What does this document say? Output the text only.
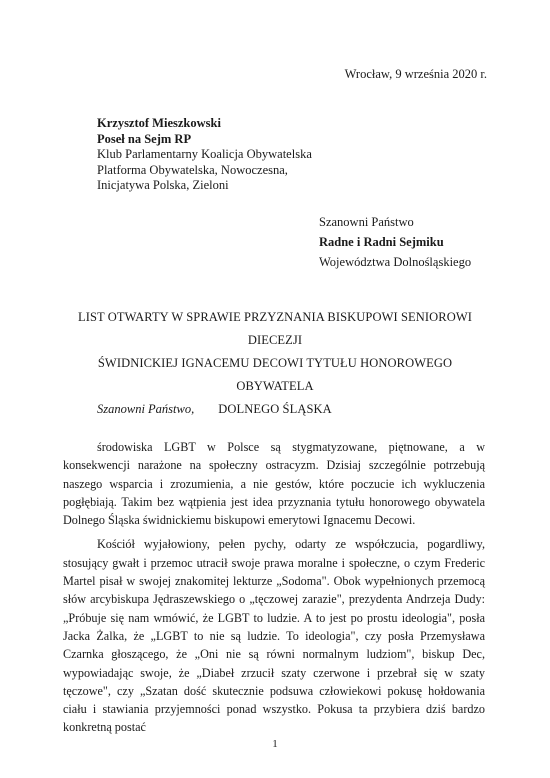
Wrocław, 9 września 2020 r.
Krzysztof Mieszkowski
Poseł na Sejm RP
Klub Parlamentarny Koalicja Obywatelska
Platforma Obywatelska, Nowoczesna,
Inicjatywa Polska, Zieloni
Szanowni Państwo
Radne i Radni Sejmiku
Województwa Dolnośląskiego
LIST OTWARTY W SPRAWIE PRZYZNANIA BISKUPOWI SENIOROWI DIECEZJI
ŚWIDNICKIEJ IGNACEMU DECOWI TYTUŁU HONOROWEGO OBYWATELA
DOLNEGO ŚLĄSKA
Szanowni Państwo,

środowiska LGBT w Polsce są stygmatyzowane, piętnowane, a w konsekwencji narażone na społeczny ostracyzm. Dzisiaj szczególnie potrzebują naszego wsparcia i zrozumienia, a nie gestów, które poczucie ich wykluczenia pogłębiają. Takim bez wątpienia jest idea przyznania tytułu honorowego obywatela Dolnego Śląska świdnickiemu biskupowi emerytowi Ignacemu Decowi.

Kościół wyjałowiony, pełen pychy, odarty ze współczucia, pogardliwy, stosujący gwałt i przemoc utracił swoje prawa moralne i społeczne, o czym Frederic Martel pisał w swojej znakomitej lekturze „Sodoma". Obok wypełnionych przemocą słów arcybiskupa Jędraszewskiego o „tęczowej zarazie", prezydenta Andrzeja Dudy: „Próbuje się nam wmówić, że LGBT to ludzie. A to jest po prostu ideologia", posła Jacka Żalka, że „LGBT to nie są ludzie. To ideologia", czy posła Przemysława Czarnka głoszącego, że „Oni nie są równi normalnym ludziom", biskup Dec, wypowiadając swoje, że „Diabeł zrzucił szaty czerwone i przebrał się w szaty tęczowe", czy „Szatan dość skutecznie podsuwa człowiekowi pokusę hołdowania ciału i stawiania przyjemności ponad wszystko. Pokusa ta przybiera dziś bardzo konkretną postać

1
